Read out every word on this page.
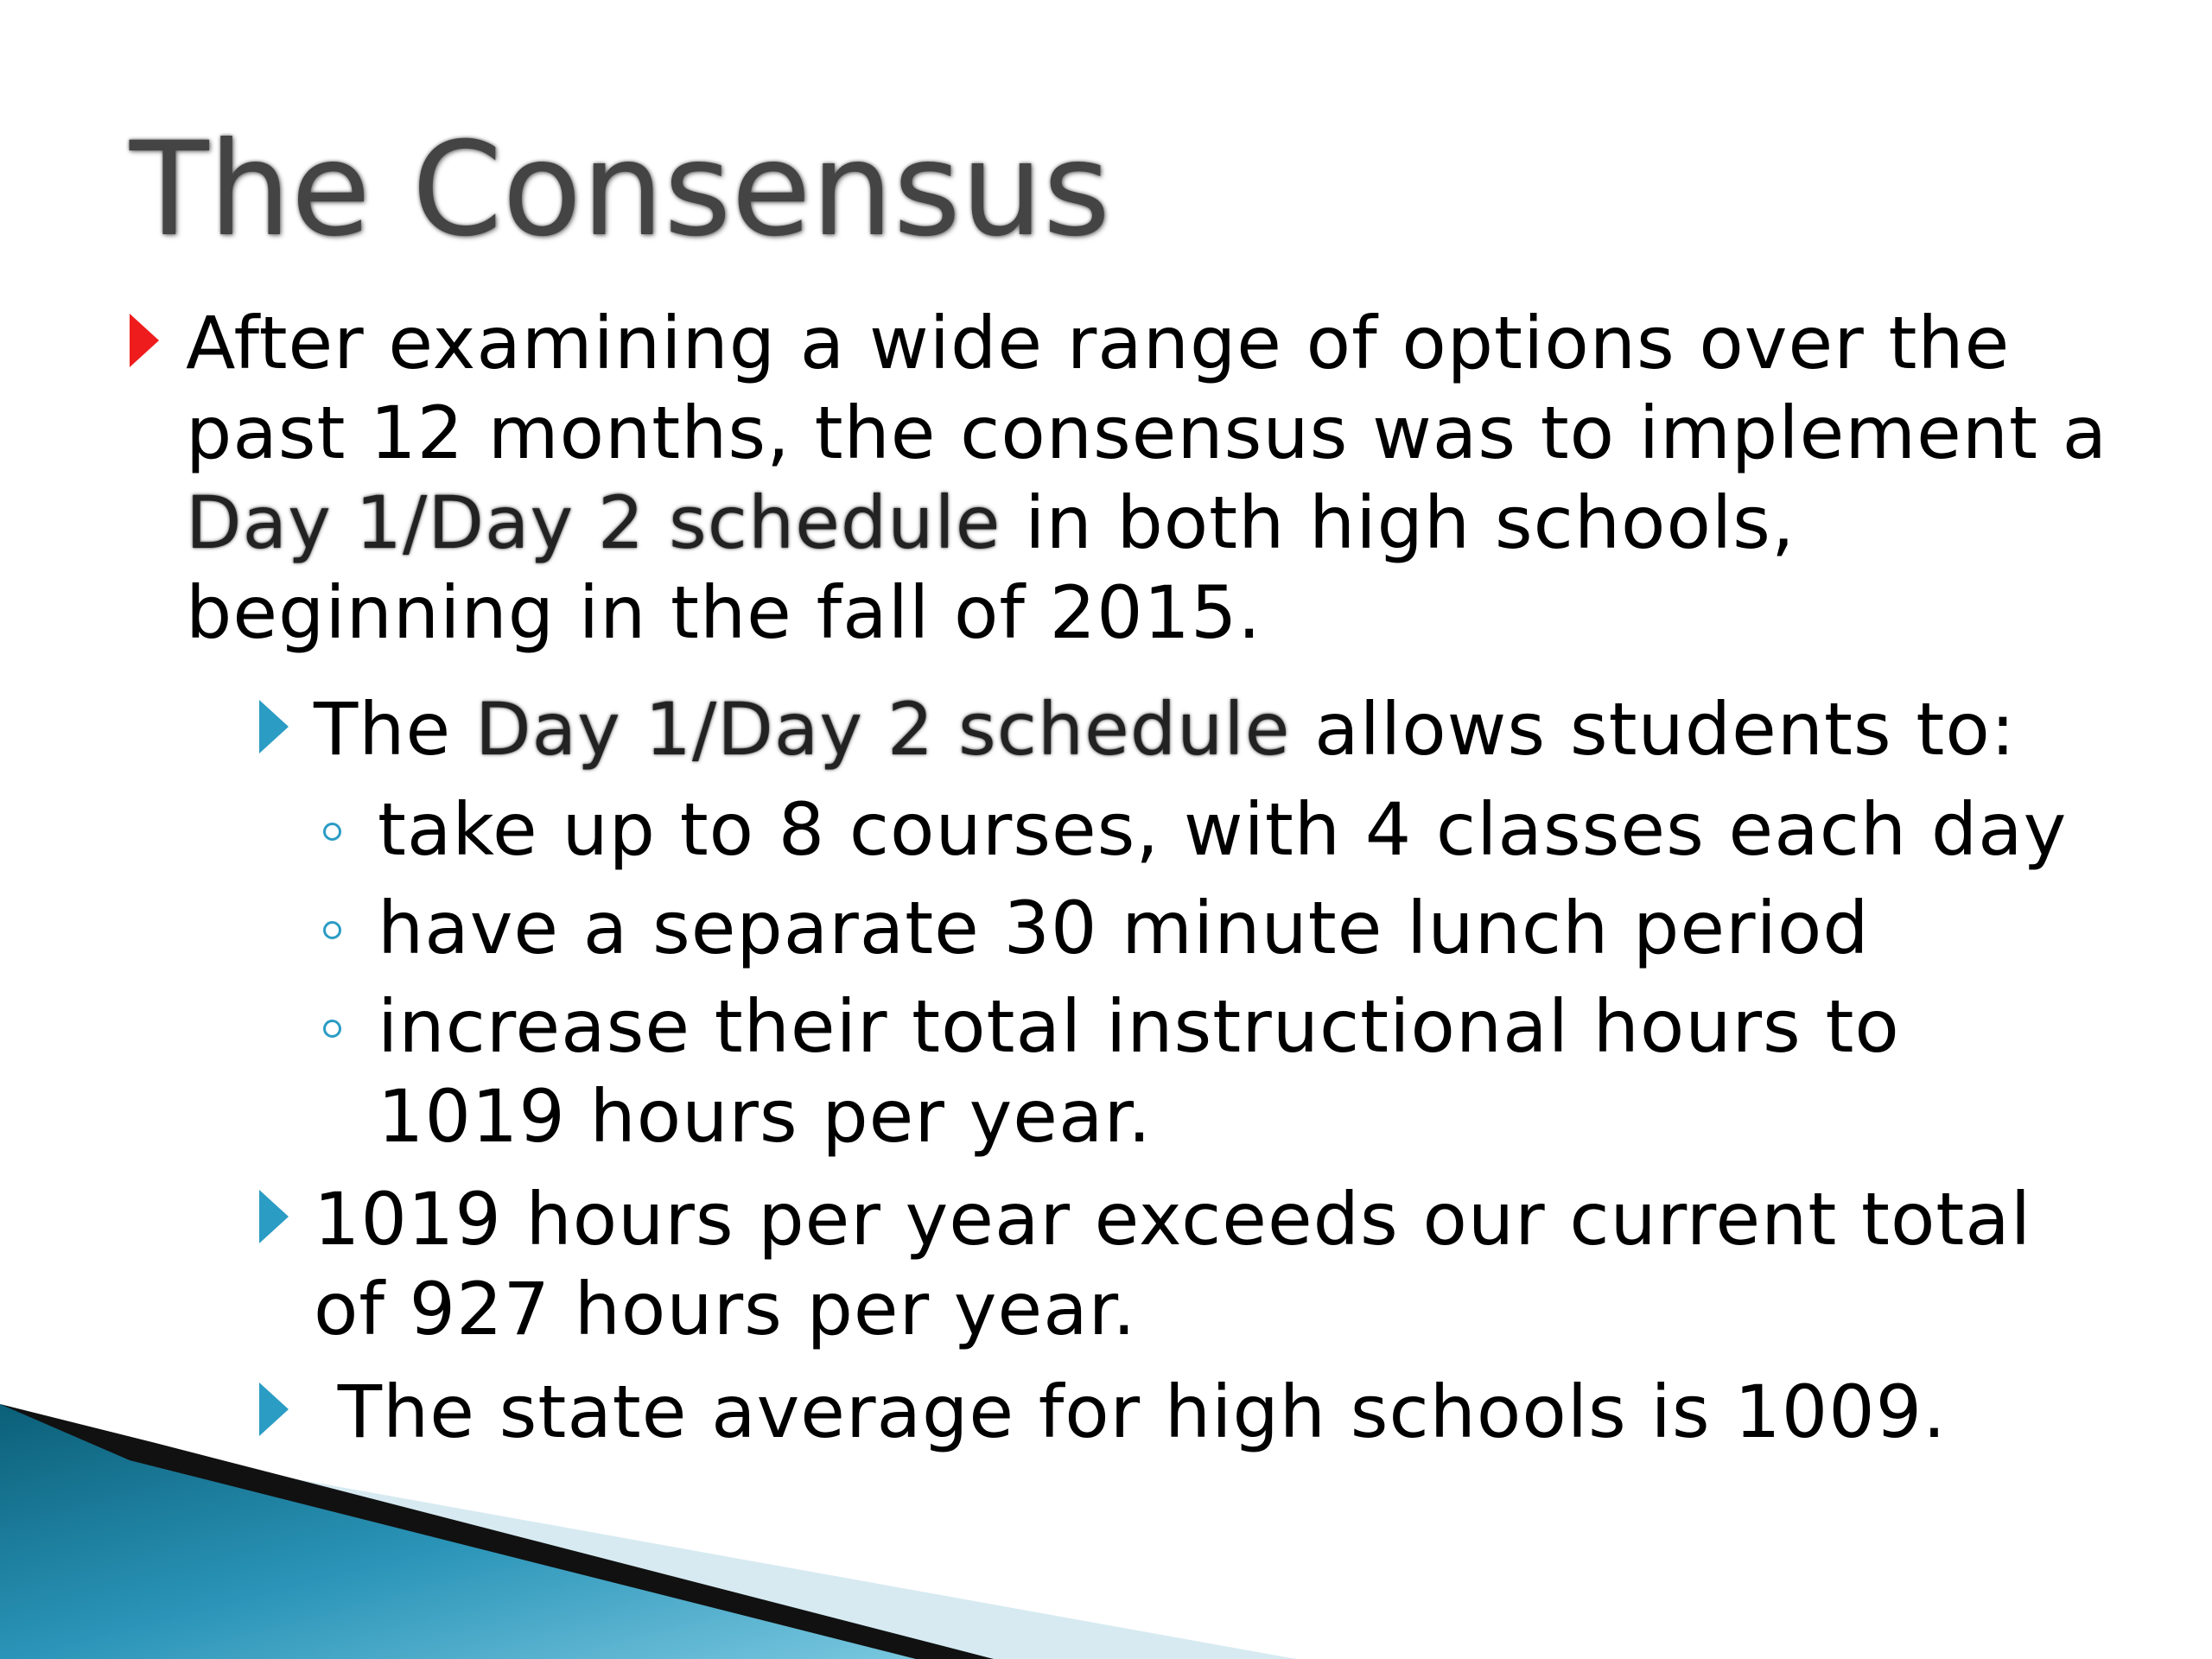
The Consensus

After examining a wide range of options over the past 12 months, the consensus was to implement a Day 1/Day 2 schedule in both high schools, beginning in the fall of 2015.

The Day 1/Day 2 schedule allows students to:

take up to 8 courses, with 4 classes each day

have a separate 30 minute lunch period

increase their total instructional hours to 1019 hours per year.

1019 hours per year exceeds our current total of 927 hours per year.

The state average for high schools is 1009.
